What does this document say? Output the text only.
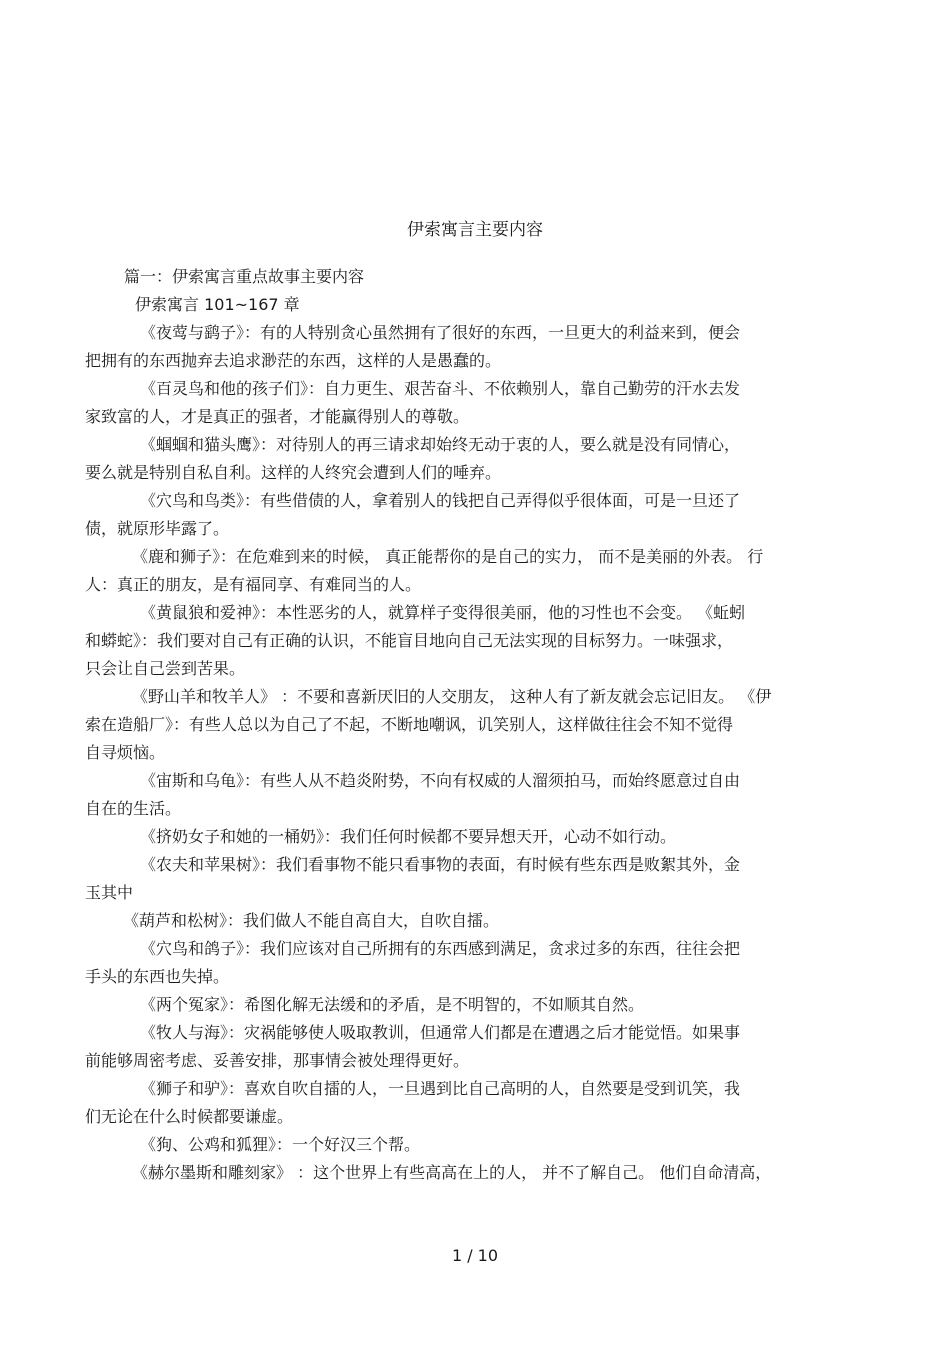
伊索寓言主要内容
篇一：伊索寓言重点故事主要内容
伊索寓言 101~167 章
《夜莺与鹞子》：有的人特别贪心虽然拥有了很好的东西，一旦更大的利益来到，便会
把拥有的东西抛弃去追求渺茫的东西，这样的人是愚蠢的。
《百灵鸟和他的孩子们》：自力更生、艰苦奋斗、不依赖别人，靠自己勤劳的汗水去发
家致富的人，才是真正的强者，才能赢得别人的尊敬。
《蝈蝈和猫头鹰》：对待别人的再三请求却始终无动于衷的人，要么就是没有同情心，
要么就是特别自私自利。这样的人终究会遭到人们的唾弃。
《穴鸟和鸟类》：有些借债的人，拿着别人的钱把自己弄得似乎很体面，可是一旦还了
债，就原形毕露了。
《鹿和狮子》：在危难到来的时候， 真正能帮你的是自己的实力， 而不是美丽的外表。 行
人：真正的朋友，是有福同享、有难同当的人。
《黄鼠狼和爱神》：本性恶劣的人，就算样子变得很美丽，他的习性也不会变。 《蚯蚓
和蟒蛇》：我们要对自己有正确的认识，不能盲目地向自己无法实现的目标努力。一味强求，
只会让自己尝到苦果。
《野山羊和牧羊人》 ：不要和喜新厌旧的人交朋友， 这种人有了新友就会忘记旧友。 《伊
索在造船厂》：有些人总以为自己了不起，不断地嘲讽，讥笑别人，这样做往往会不知不觉得
自寻烦恼。
《宙斯和乌龟》：有些人从不趋炎附势，不向有权威的人溜须拍马，而始终愿意过自由
自在的生活。
《挤奶女子和她的一桶奶》：我们任何时候都不要异想天开，心动不如行动。
《农夫和苹果树》：我们看事物不能只看事物的表面，有时候有些东西是败絮其外，金
玉其中
《葫芦和松树》：我们做人不能自高自大，自吹自擂。
《穴鸟和鸽子》：我们应该对自己所拥有的东西感到满足，贪求过多的东西，往往会把
手头的东西也失掉。
《两个冤家》：希图化解无法缓和的矛盾，是不明智的，不如顺其自然。
《牧人与海》：灾祸能够使人吸取教训，但通常人们都是在遭遇之后才能觉悟。如果事
前能够周密考虑、妥善安排，那事情会被处理得更好。
《狮子和驴》：喜欢自吹自擂的人，一旦遇到比自己高明的人，自然要是受到讥笑，我
们无论在什么时候都要谦虚。
《狗、公鸡和狐狸》：一个好汉三个帮。
《赫尔墨斯和雕刻家》 ：这个世界上有些高高在上的人， 并不了解自己。 他们自命清高，
1 / 10
